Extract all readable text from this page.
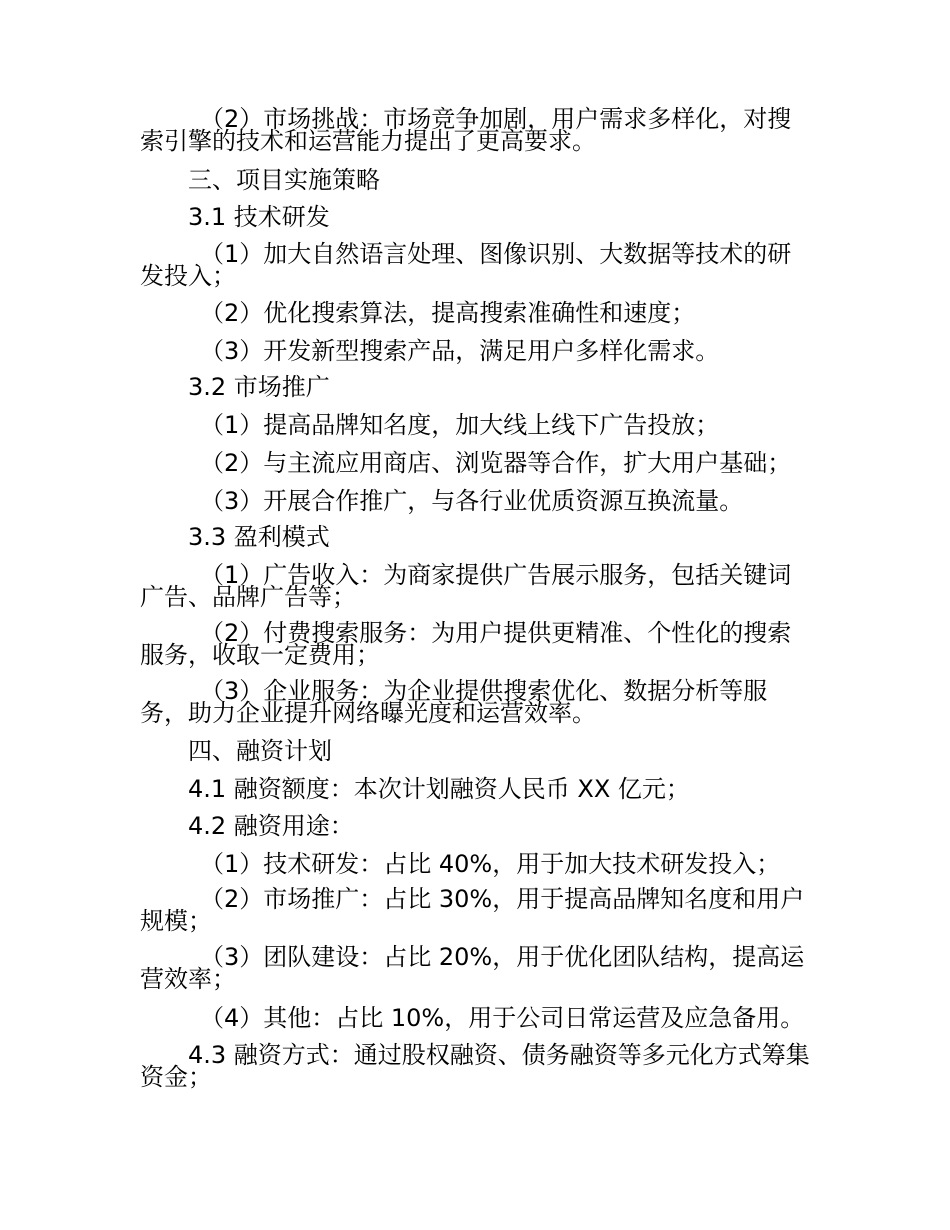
（2）市场挑战：市场竞争加剧，用户需求多样化，对搜索引擎的技术和运营能力提出了更高要求。

三、项目实施策略

3.1 技术研发

（1）加大自然语言处理、图像识别、大数据等技术的研发投入；

（2）优化搜索算法，提高搜索准确性和速度；

（3）开发新型搜索产品，满足用户多样化需求。

3.2 市场推广

（1）提高品牌知名度，加大线上线下广告投放；

（2）与主流应用商店、浏览器等合作，扩大用户基础；

（3）开展合作推广，与各行业优质资源互换流量。

3.3 盈利模式

（1）广告收入：为商家提供广告展示服务，包括关键词广告、品牌广告等；

（2）付费搜索服务：为用户提供更精准、个性化的搜索服务，收取一定费用；

（3）企业服务：为企业提供搜索优化、数据分析等服务，助力企业提升网络曝光度和运营效率。

四、融资计划

4.1 融资额度：本次计划融资人民币 XX 亿元；

4.2 融资用途：

（1）技术研发：占比 40%，用于加大技术研发投入；

（2）市场推广：占比 30%，用于提高品牌知名度和用户规模；

（3）团队建设：占比 20%，用于优化团队结构，提高运营效率；

（4）其他：占比 10%，用于公司日常运营及应急备用。

4.3 融资方式：通过股权融资、债务融资等多元化方式筹集资金；
